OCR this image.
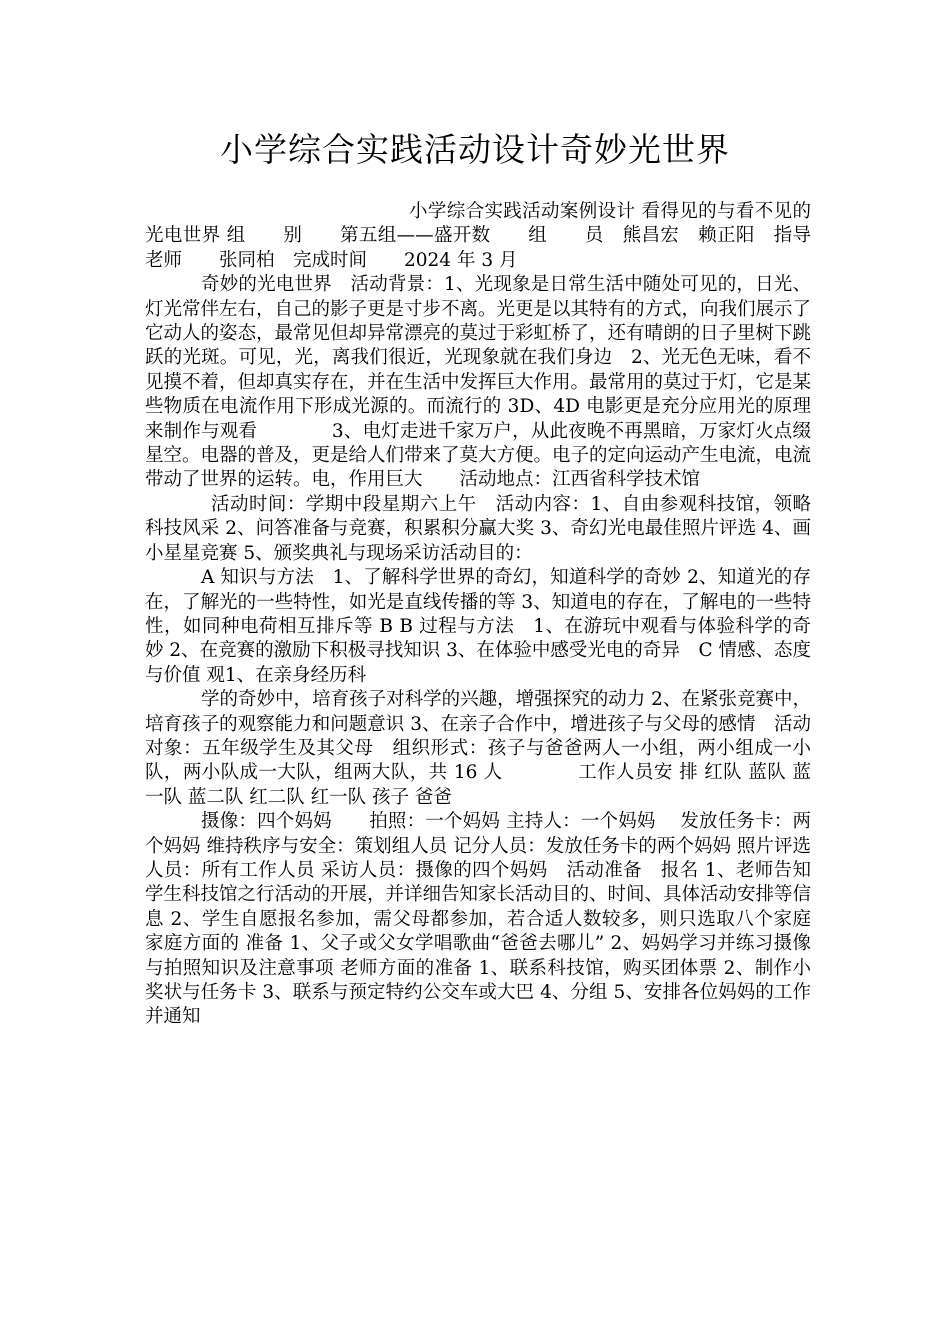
小学综合实践活动设计奇妙光世界

小学综合实践活动案例设计 看得见的与看不见的光电世界 组　　别　　第五组——盛开数　　组　　员　熊昌宏　赖正阳　指导老师　　张同柏　完成时间　　2024 年 3 月

奇妙的光电世界　活动背景：1、光现象是日常生活中随处可见的，日光、灯光常伴左右，自己的影子更是寸步不离。光更是以其特有的方式，向我们展示了它动人的姿态，最常见但却异常漂亮的莫过于彩虹桥了，还有晴朗的日子里树下跳跃的光斑。可见，光，离我们很近，光现象就在我们身边　2、光无色无味，看不见摸不着，但却真实存在，并在生活中发挥巨大作用。最常用的莫过于灯，它是某些物质在电流作用下形成光源的。而流行的 3D、4D 电影更是充分应用光的原理来制作与观看　　　　3、电灯走进千家万户，从此夜晚不再黑暗，万家灯火点缀星空。电器的普及，更是给人们带来了莫大方便。电子的定向运动产生电流，电流带动了世界的运转。电，作用巨大　　活动地点：江西省科学技术馆

活动时间：学期中段星期六上午　活动内容：1、自由参观科技馆，领略科技风采 2、问答准备与竞赛，积累积分赢大奖 3、奇幻光电最佳照片评选 4、画小星星竞赛 5、颁奖典礼与现场采访活动目的：

A 知识与方法　1、了解科学世界的奇幻，知道科学的奇妙 2、知道光的存在，了解光的一些特性，如光是直线传播的等 3、知道电的存在，了解电的一些特性，如同种电荷相互排斥等 B B 过程与方法　1、在游玩中观看与体验科学的奇妙 2、在竞赛的激励下积极寻找知识 3、在体验中感受光电的奇异　C 情感、态度与价值 观1、在亲身经历科

学的奇妙中，培育孩子对科学的兴趣，增强探究的动力 2、在紧张竞赛中，培育孩子的观察能力和问题意识 3、在亲子合作中，增进孩子与父母的感情　活动对象：五年级学生及其父母　组织形式：孩子与爸爸两人一小组，两小组成一小队，两小队成一大队，组两大队，共 16 人　　　　工作人员安 排 红队 蓝队 蓝一队 蓝二队 红二队 红一队 孩子 爸爸

摄像：四个妈妈　　拍照：一个妈妈 主持人：一个妈妈　 发放任务卡：两个妈妈 维持秩序与安全：策划组人员 记分人员：发放任务卡的两个妈妈 照片评选人员：所有工作人员 采访人员：摄像的四个妈妈　活动准备　报名 1、老师告知学生科技馆之行活动的开展，并详细告知家长活动目的、时间、具体活动安排等信息 2、学生自愿报名参加，需父母都参加，若合适人数较多，则只选取八个家庭 家庭方面的 准备 1、父子或父女学唱歌曲“爸爸去哪儿” 2、妈妈学习并练习摄像与拍照知识及注意事项 老师方面的准备 1、联系科技馆，购买团体票 2、制作小奖状与任务卡 3、联系与预定特约公交车或大巴 4、分组 5、安排各位妈妈的工作并通知
